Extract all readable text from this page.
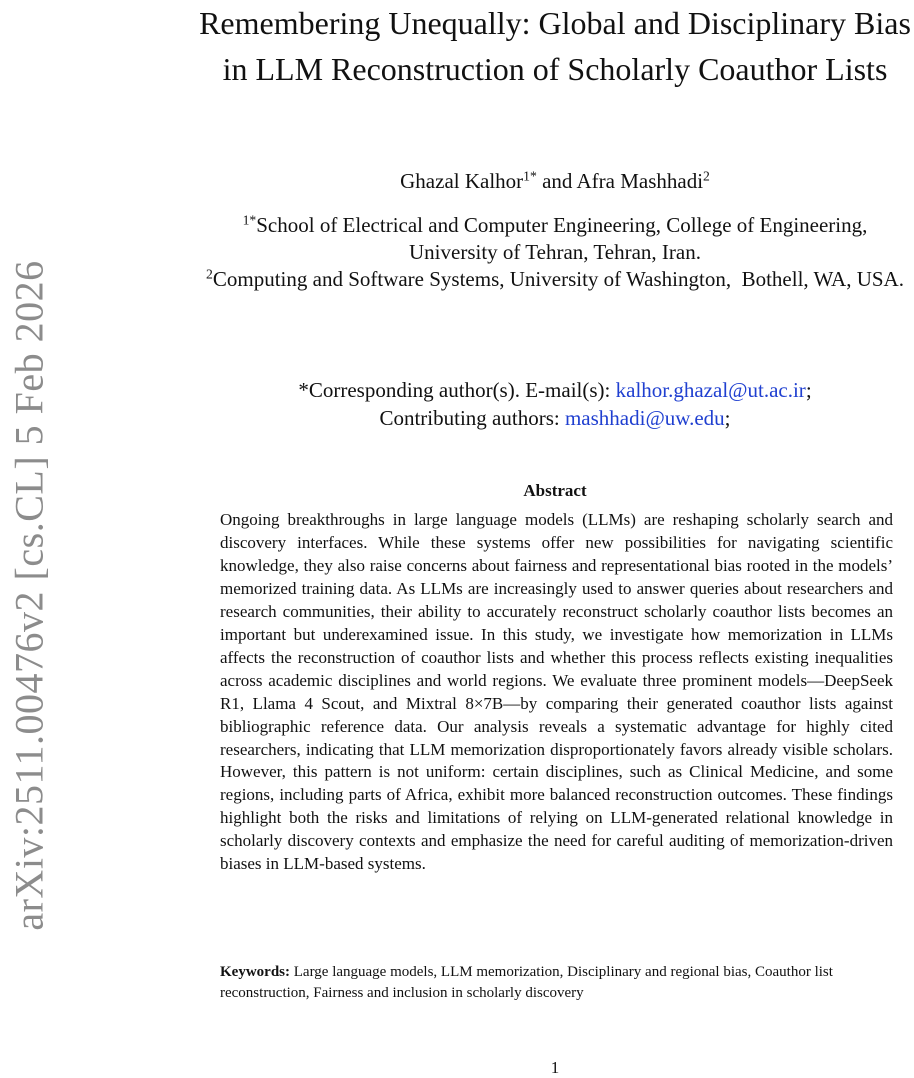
arXiv:2511.00476v2 [cs.CL] 5 Feb 2026
Remembering Unequally: Global and Disciplinary Bias in LLM Reconstruction of Scholarly Coauthor Lists
Ghazal Kalhor$^{1*}$ and Afra Mashhadi$^2$

$^{1*}$School of Electrical and Computer Engineering, College of Engineering, University of Tehran, Tehran, Iran.

$^2$Computing and Software Systems, University of Washington,  Bothell, WA, USA.

*Corresponding author(s). E-mail(s): kalhor.ghazal@ut.ac.ir;

Contributing authors: mashhadi@uw.edu;

Abstract

Ongoing breakthroughs in large language models (LLMs) are reshaping scholarly search and discovery interfaces. While these systems offer new possibilities for navigating scientific knowledge, they also raise concerns about fairness and representational bias rooted in the models’ memorized training data. As LLMs are increasingly used to answer queries about researchers and research communities, their ability to accurately reconstruct scholarly coauthor lists becomes an important but underexamined issue. In this study, we investigate how memorization in LLMs affects the reconstruction of coauthor lists and whether this process reflects existing inequalities across academic disciplines and world regions. We evaluate three prominent models—DeepSeek R1, Llama 4 Scout, and Mixtral 8×7B—by comparing their generated coauthor lists against bibliographic reference data. Our analysis reveals a systematic advantage for highly cited researchers, indicating that LLM memorization disproportionately favors already visible scholars. However, this pattern is not uniform: certain disciplines, such as Clinical Medicine, and some regions, including parts of Africa, exhibit more balanced reconstruction outcomes. These findings highlight both the risks and limitations of relying on LLM-generated relational knowledge in scholarly discovery contexts and emphasize the need for careful auditing of memorization-driven biases in LLM-based systems.

Keywords: Large language models, LLM memorization, Disciplinary and regional bias, Coauthor list reconstruction, Fairness and inclusion in scholarly discovery

1
